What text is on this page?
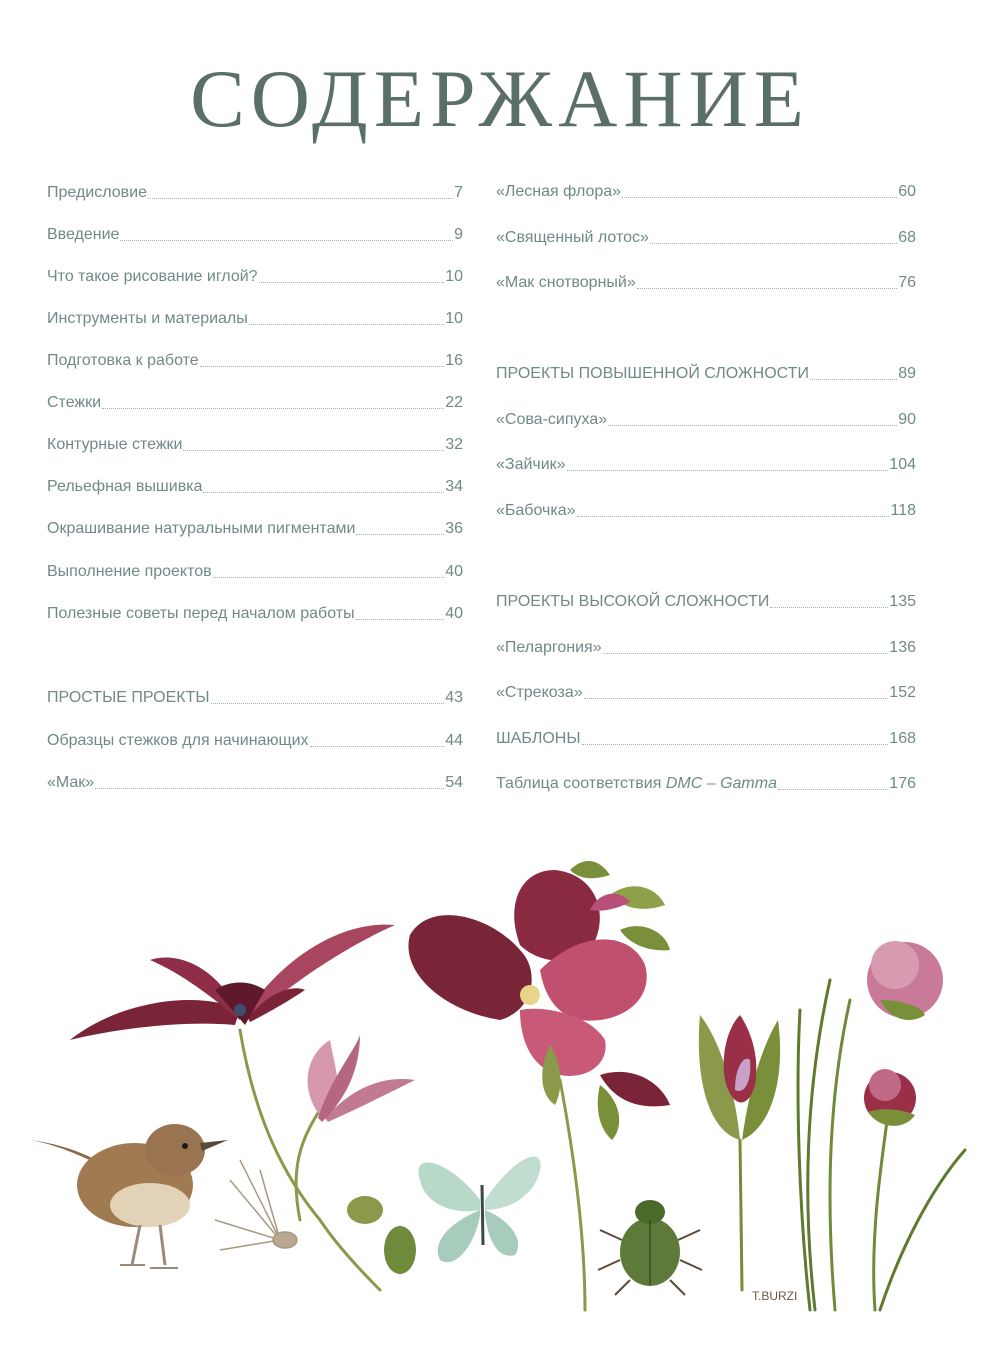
СОДЕРЖАНИЕ
Предисловие	7
Введение	9
Что такое рисование иглой?	10
Инструменты и материалы	10
Подготовка к работе	16
Стежки	22
Контурные стежки	32
Рельефная вышивка	34
Окрашивание натуральными пигментами	36
Выполнение проектов	40
Полезные советы перед началом работы	40
ПРОСТЫЕ ПРОЕКТЫ	43
Образцы стежков для начинающих	44
«Мак»	54
«Лесная флора»	60
«Священный лотос»	68
«Мак снотворный»	76
ПРОЕКТЫ ПОВЫШЕННОЙ СЛОЖНОСТИ	89
«Сова-сипуха»	90
«Зайчик»	104
«Бабочка»	118
ПРОЕКТЫ ВЫСОКОЙ СЛОЖНОСТИ	135
«Пеларгония»	136
«Стрекоза»	152
ШАБЛОНЫ	168
Таблица соответствия DMC – Gamma	176
T.BURZI
